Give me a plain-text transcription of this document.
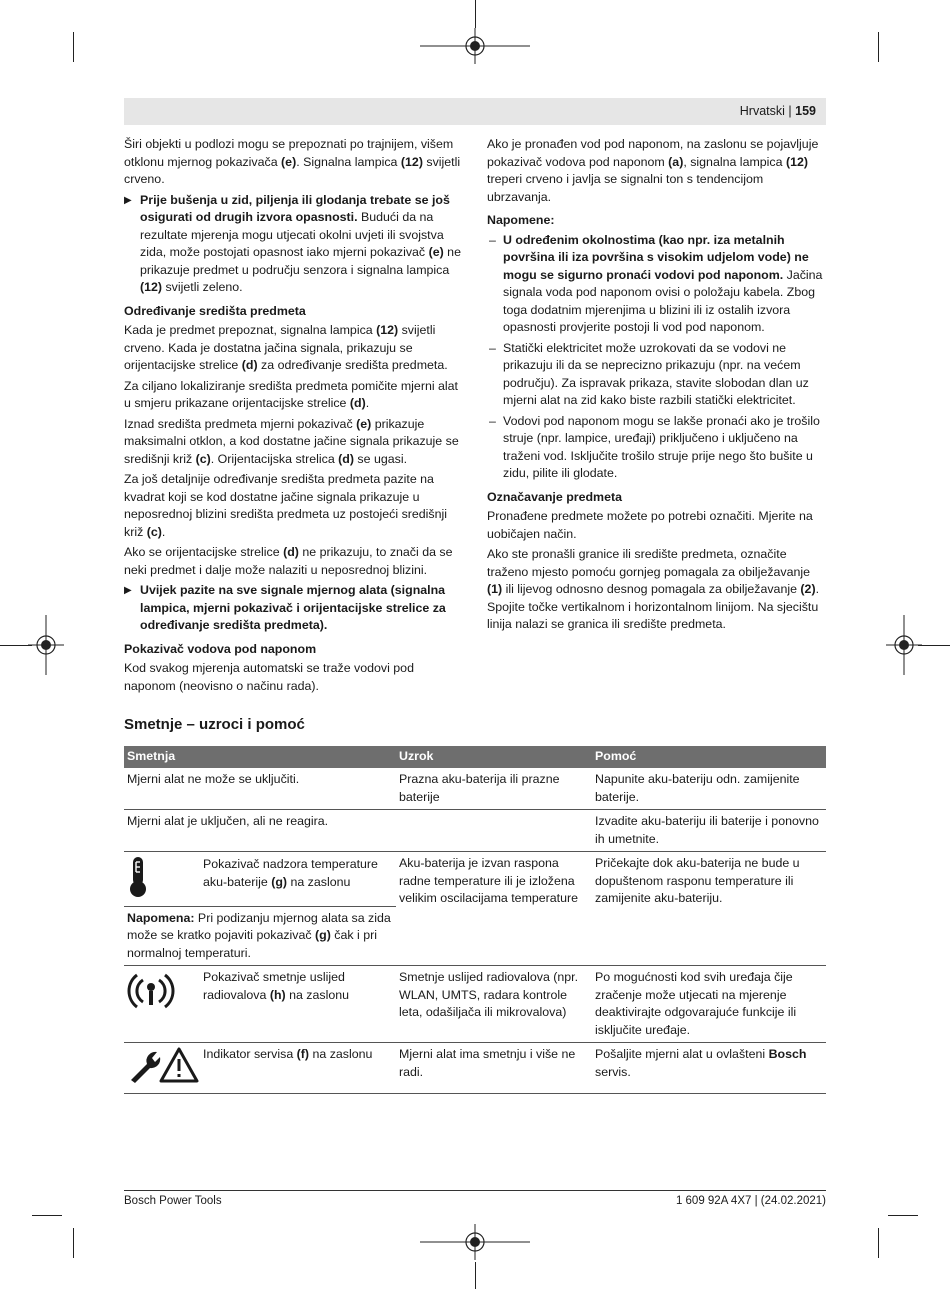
Hrvatski | 159

Širi objekti u podlozi mogu se prepoznati po trajnijem, višem otklonu mjernog pokazivača (e). Signalna lampica (12) svijetli crveno.

▶ Prije bušenja u zid, piljenja ili glodanja trebate se još osigurati od drugih izvora opasnosti. Budući da na rezultate mjerenja mogu utjecati okolni uvjeti ili svojstva zida, može postojati opasnost iako mjerni pokazivač (e) ne prikazuje predmet u području senzora i signalna lampica (12) svijetli zeleno.
Određivanje središta predmeta

Kada je predmet prepoznat, signalna lampica (12) svijetli crveno. Kada je dostatna jačina signala, prikazuju se orijentacijske strelice (d) za određivanje središta predmeta.

Za ciljano lokaliziranje središta predmeta pomičite mjerni alat u smjeru prikazane orijentacijske strelice (d).

Iznad središta predmeta mjerni pokazivač (e) prikazuje maksimalni otklon, a kod dostatne jačine signala prikazuje se središnji križ (c). Orijentacijska strelica (d) se ugasi.

Za još detaljnije određivanje središta predmeta pazite na kvadrat koji se kod dostatne jačine signala prikazuje u neposrednoj blizini središta predmeta uz postojeći središnji križ (c).

Ako se orijentacijske strelice (d) ne prikazuju, to znači da se neki predmet i dalje može nalaziti u neposrednoj blizini.

▶ Uvijek pazite na sve signale mjernog alata (signalna lampica, mjerni pokazivač i orijentacijske strelice za određivanje središta predmeta).
Pokazivač vodova pod naponom

Kod svakog mjerenja automatski se traže vodovi pod naponom (neovisno o načinu rada).

Ako je pronađen vod pod naponom, na zaslonu se pojavljuje pokazivač vodova pod naponom (a), signalna lampica (12) treperi crveno i javlja se signalni ton s tendencijom ubrzavanja.

Napomene:
– U određenim okolnostima (kao npr. iza metalnih površina ili iza površina s visokim udjelom vode) ne mogu se sigurno pronaći vodovi pod naponom. Jačina signala voda pod naponom ovisi o položaju kabela. Zbog toga dodatnim mjerenjima u blizini ili iz ostalih izvora opasnosti provjerite postoji li vod pod naponom.
– Statički elektricitet može uzrokovati da se vodovi ne prikazuju ili da se neprecizno prikazuju (npr. na većem području). Za ispravak prikaza, stavite slobodan dlan uz mjerni alat na zid kako biste razbili statički elektricitet.
– Vodovi pod naponom mogu se lakše pronaći ako je trošilo struje (npr. lampice, uređaji) priključeno i uključeno na traženi vod. Isključite trošilo struje prije nego što bušite u zidu, pilite ili glodate.
Označavanje predmeta

Pronađene predmete možete po potrebi označiti. Mjerite na uobičajen način.

Ako ste pronašli granice ili središte predmeta, označite traženo mjesto pomoću gornjeg pomagala za obilježavanje (1) ili lijevog odnosno desnog pomagala za obilježavanje (2). Spojite točke vertikalnom i horizontalnom linijom. Na sjecištu linija nalazi se granica ili središte predmeta.

Smetnje – uzroci i pomoć
Smetnja	Uzrok	Pomoć
Mjerni alat ne može se uključiti.	Prazna aku-baterija ili prazne baterije	Napunite aku-bateriju odn. zamijenite baterije.
Mjerni alat je uključen, ali ne reagira.		Izvadite aku-bateriju ili baterije i ponovno ih umetnite.

Pokazivač nadzora temperature aku-baterije (g) na zaslonu	Aku-baterija je izvan raspona radne temperature ili je izložena velikim oscilacijama temperature	Pričekajte dok aku-baterija ne bude u dopuštenom rasponu temperature ili zamijenite aku-bateriju.
Napomena: Pri podizanju mjernog alata sa zida može se kratko pojaviti pokazivač (g) čak i pri normalnoj temperaturi.		

Pokazivač smetnje uslijed radiovalova (h) na zaslonu	Smetnje uslijed radiovalova (npr. WLAN, UMTS, radara kontrole leta, odašiljača ili mikrovalova)	Po mogućnosti kod svih uređaja čije zračenje može utjecati na mjerenje deaktivirajte odgovarajuće funkcije ili isključite uređaje.

Indikator servisa (f) na zaslonu	Mjerni alat ima smetnju i više ne radi.	Pošaljite mjerni alat u ovlašteni Bosch servis.
Bosch Power Tools	1 609 92A 4X7 | (24.02.2021)
